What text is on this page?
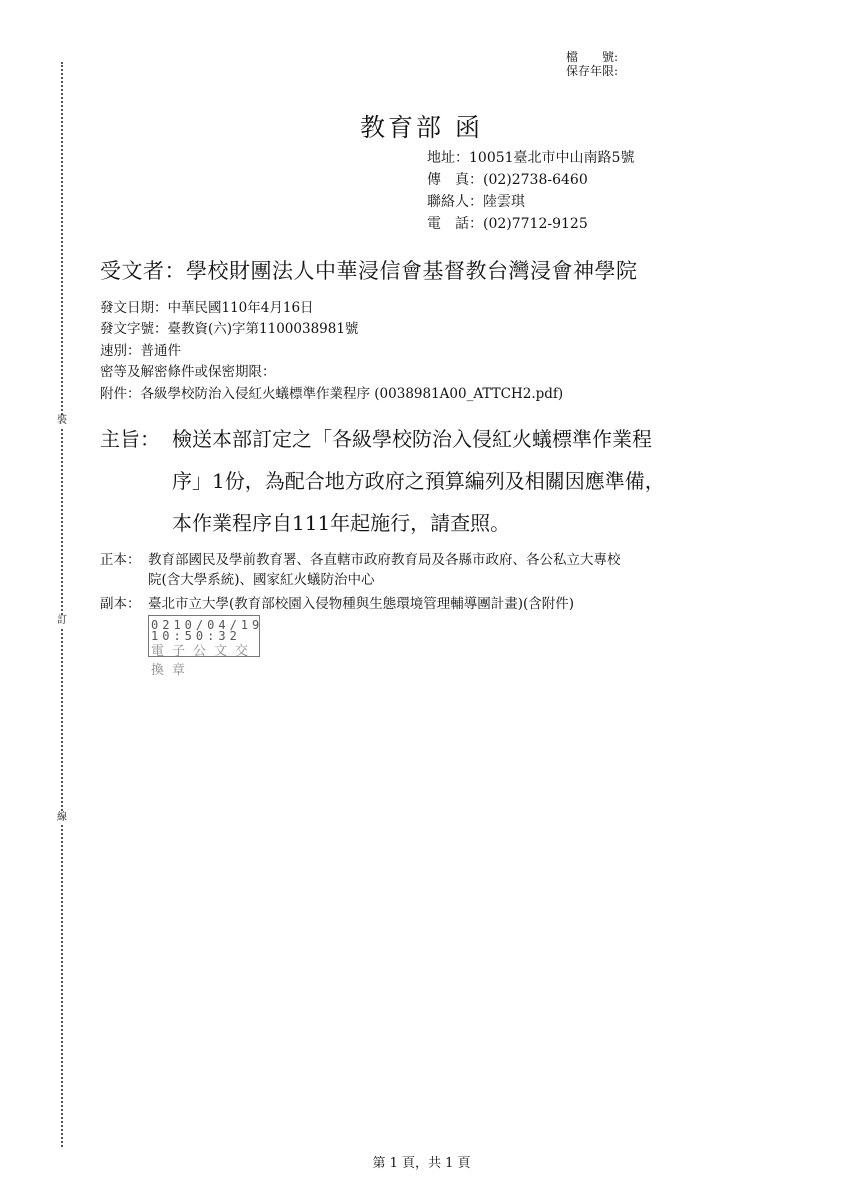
裝
訂
線
檔　　號:
保存年限:
教育部 函
地址：10051臺北市中山南路5號
傳　真：(02)2738-6460
聯絡人：陸雲琪
電　話：(02)7712-9125
受文者：學校財團法人中華浸信會基督教台灣浸會神學院
發文日期：中華民國110年4月16日
發文字號：臺教資(六)字第1100038981號
速別：普通件
密等及解密條件或保密期限：
附件：各級學校防治入侵紅火蟻標準作業程序 (0038981A00_ATTCH2.pdf)
主旨： 檢送本部訂定之「各級學校防治入侵紅火蟻標準作業程
序」1份，為配合地方政府之預算編列及相關因應準備，
本作業程序自111年起施行，請查照。
正本： 教育部國民及學前教育署、各直轄市政府教育局及各縣市政府、各公私立大專校
院(含大學系統)、國家紅火蟻防治中心
副本： 臺北市立大學(教育部校園入侵物種與生態環境管理輔導團計畫)(含附件)
0210/04/19
10:50:32
電子公文交換章
第 1 頁，共 1 頁
